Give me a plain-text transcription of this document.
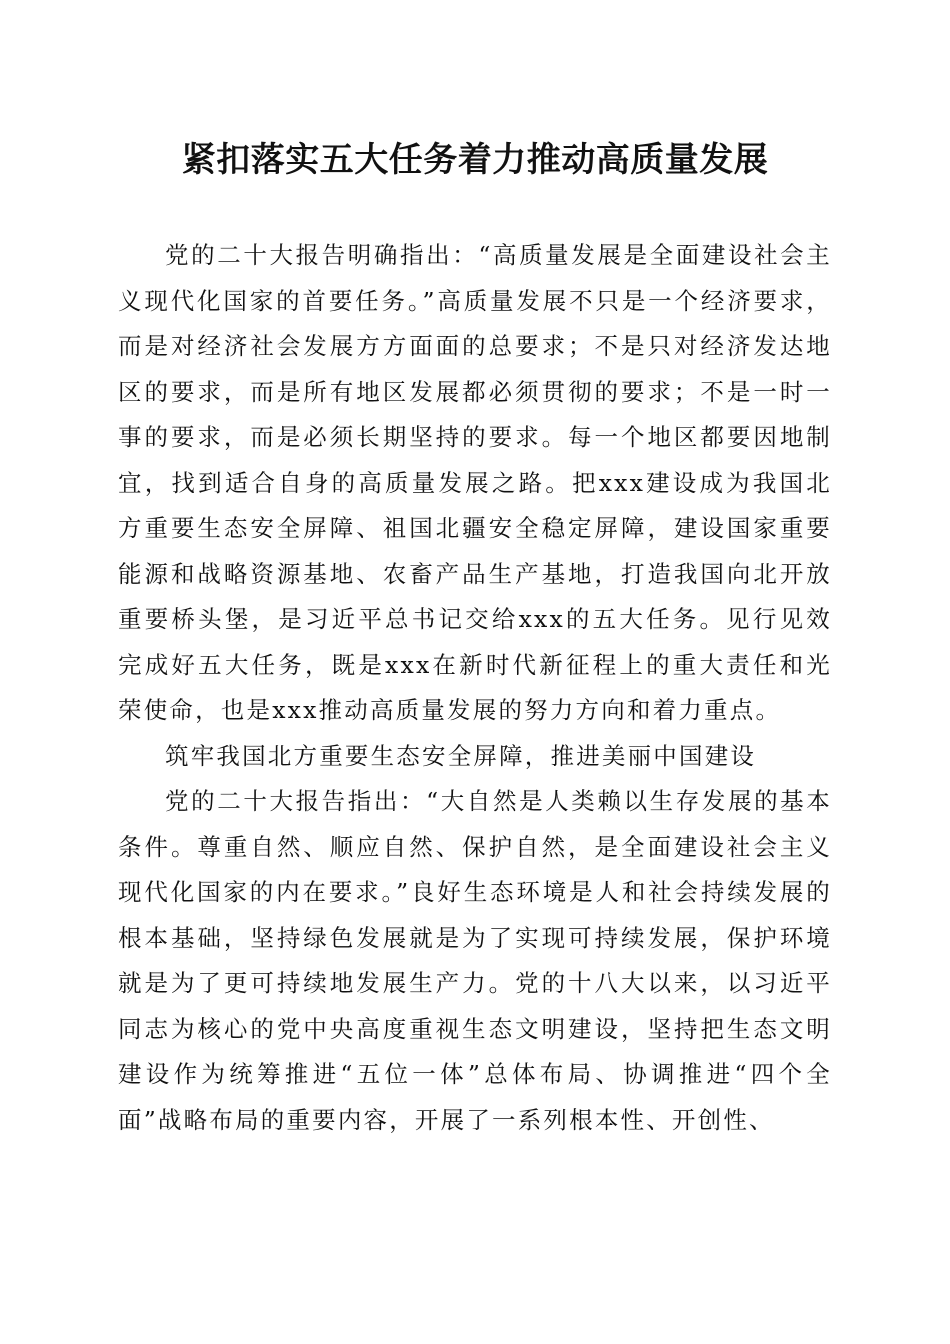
紧扣落实五大任务着力推动高质量发展

党的二十大报告明确指出：“高质量发展是全面建设社会主义现代化国家的首要任务。”高质量发展不只是一个经济要求，而是对经济社会发展方方面面的总要求；不是只对经济发达地区的要求，而是所有地区发展都必须贯彻的要求；不是一时一事的要求，而是必须长期坚持的要求。每一个地区都要因地制宜，找到适合自身的高质量发展之路。把xxx建设成为我国北方重要生态安全屏障、祖国北疆安全稳定屏障，建设国家重要能源和战略资源基地、农畜产品生产基地，打造我国向北开放重要桥头堡，是习近平总书记交给xxx的五大任务。见行见效完成好五大任务，既是xxx在新时代新征程上的重大责任和光荣使命，也是xxx推动高质量发展的努力方向和着力重点。

筑牢我国北方重要生态安全屏障，推进美丽中国建设

党的二十大报告指出：“大自然是人类赖以生存发展的基本条件。尊重自然、顺应自然、保护自然，是全面建设社会主义现代化国家的内在要求。”良好生态环境是人和社会持续发展的根本基础，坚持绿色发展就是为了实现可持续发展，保护环境就是为了更可持续地发展生产力。党的十八大以来，以习近平同志为核心的党中央高度重视生态文明建设，坚持把生态文明建设作为统筹推进“五位一体”总体布局、协调推进“四个全面”战略布局的重要内容，开展了一系列根本性、开创性、
